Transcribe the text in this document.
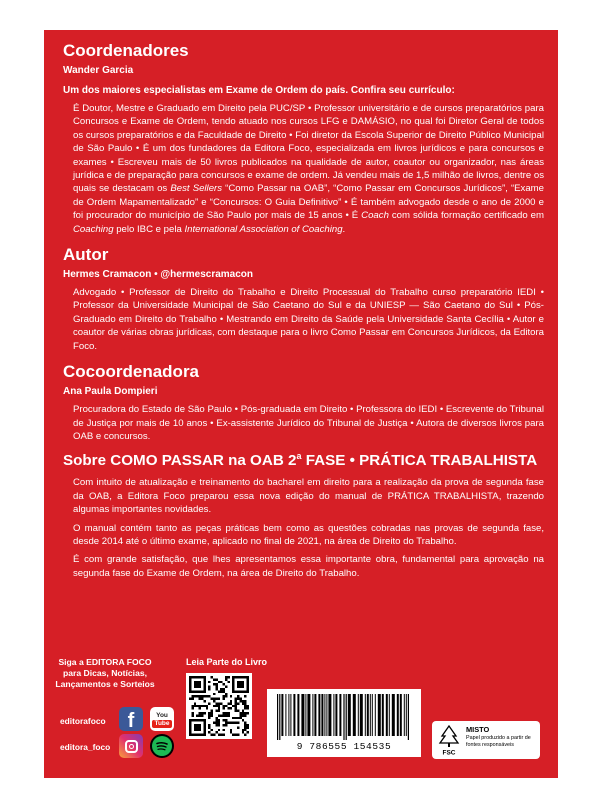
Coordenadores
Wander Garcia
Um dos maiores especialistas em Exame de Ordem do país. Confira seu currículo:

É Doutor, Mestre e Graduado em Direito pela PUC/SP • Professor universitário e de cursos preparatórios para Concursos e Exame de Ordem, tendo atuado nos cursos LFG e DAMÁSIO, no qual foi Diretor Geral de todos os cursos preparatórios e da Faculdade de Direito • Foi diretor da Escola Superior de Direito Público Municipal de São Paulo • É um dos fundadores da Editora Foco, especializada em livros jurídicos e para concursos e exames • Escreveu mais de 50 livros publicados na qualidade de autor, coautor ou organizador, nas áreas jurídica e de preparação para concursos e exame de ordem. Já vendeu mais de 1,5 milhão de livros, dentre os quais se destacam os Best Sellers “Como Passar na OAB”, “Como Passar em Concursos Jurídicos”, “Exame de Ordem Mapamentalizado” e “Concursos: O Guia Definitivo” • É também advogado desde o ano de 2000 e foi procurador do município de São Paulo por mais de 15 anos • É Coach com sólida formação certificado em Coaching pelo IBC e pela International Association of Coaching.

Autor
Hermes Cramacon • @hermescramacon

Advogado • Professor de Direito do Trabalho e Direito Processual do Trabalho curso preparatório IEDI • Professor da Universidade Municipal de São Caetano do Sul e da UNIESP — São Caetano do Sul • Pós-Graduado em Direito do Trabalho • Mestrando em Direito da Saúde pela Universidade Santa Cecília • Autor e coautor de várias obras jurídicas, com destaque para o livro Como Passar em Concursos Jurídicos, da Editora Foco.

Cocoordenadora
Ana Paula Dompieri

Procuradora do Estado de São Paulo • Pós-graduada em Direito • Professora do IEDI • Escrevente do Tribunal de Justiça por mais de 10 anos • Ex-assistente Jurídico do Tribunal de Justiça • Autora de diversos livros para OAB e concursos.

Sobre COMO PASSAR na OAB 2$^a$ FASE • PRÁTICA TRABALHISTA

Com intuito de atualização e treinamento do bacharel em direito para a realização da prova de segunda fase da OAB, a Editora Foco preparou essa nova edição do manual de PRÁTICA TRABALHISTA, trazendo algumas importantes novidades.

O manual contém tanto as peças práticas bem como as questões cobradas nas provas de segunda fase, desde 2014 até o último exame, aplicado no final de 2021, na área de Direito do Trabalho.

É com grande satisfação, que lhes apresentamos essa importante obra, fundamental para aprovação na segunda fase do Exame de Ordem, na área de Direito do Trabalho.

Siga a EDITORA FOCO para Dicas, Notícias, Lançamentos e Sorteios
editorafoco f	You
Tube
editora_foco
Leia Parte do Livro
9 786555 154535
FSC
MISTO
Papel produzido a partir de fontes responsáveis
